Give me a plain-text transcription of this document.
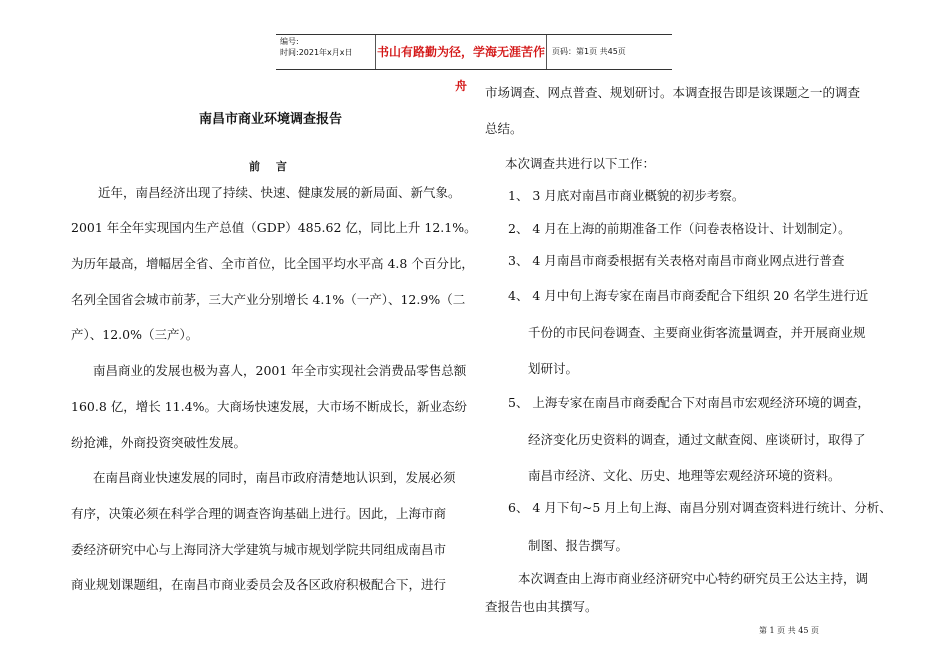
编号:
时间:2021年x月x日	书山有路勤为径，学海无涯苦作舟
页码：第1页 共45页
南昌市商业环境调查报告
前 言
近年，南昌经济出现了持续、快速、健康发展的新局面、新气象。
2001 年全年实现国内生产总值（GDP）485.62 亿，同比上升 12.1%。
为历年最高，增幅居全省、全市首位，比全国平均水平高 4.8 个百分比，
名列全国省会城市前茅，三大产业分别增长 4.1%（一产）、12.9%（二
产）、12.0%（三产）。
南昌商业的发展也极为喜人，2001 年全市实现社会消费品零售总额
160.8 亿，增长 11.4%。大商场快速发展，大市场不断成长，新业态纷
纷抢滩，外商投资突破性发展。
在南昌商业快速发展的同时，南昌市政府清楚地认识到，发展必须
有序，决策必须在科学合理的调查咨询基础上进行。因此，上海市商
委经济研究中心与上海同济大学建筑与城市规划学院共同组成南昌市
商业规划课题组，在南昌市商业委员会及各区政府积极配合下，进行
市场调查、网点普查、规划研讨。本调查报告即是该课题之一的调查
总结。
本次调查共进行以下工作：
1、 3 月底对南昌市商业概貌的初步考察。
2、 4 月在上海的前期准备工作（问卷表格设计、计划制定）。
3、 4 月南昌市商委根据有关表格对南昌市商业网点进行普查
4、 4 月中旬上海专家在南昌市商委配合下组织 20 名学生进行近
千份的市民问卷调查、主要商业街客流量调查，并开展商业规
划研讨。
5、 上海专家在南昌市商委配合下对南昌市宏观经济环境的调查，
经济变化历史资料的调查，通过文献查阅、座谈研讨，取得了
南昌市经济、文化、历史、地理等宏观经济环境的资料。
6、 4 月下旬~5 月上旬上海、南昌分别对调查资料进行统计、分析、
制图、报告撰写。
本次调查由上海市商业经济研究中心特约研究员王公达主持，调
查报告也由其撰写。
第 1 页 共 45 页
